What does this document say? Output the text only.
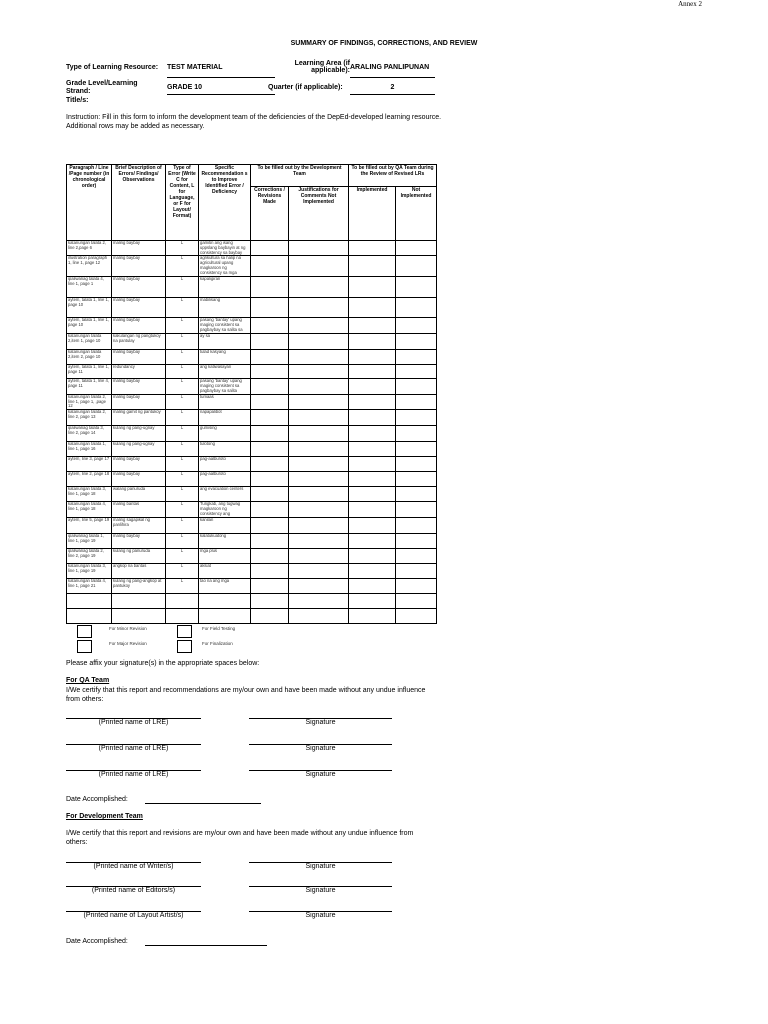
Annex 2
SUMMARY OF FINDINGS, CORRECTIONS, AND REVIEW
Type of Learning Resource: TEST MATERIAL
Learning Area (if
applicable): ARALING PANLIPUNAN
Grade Level/Learning
Strand:
GRADE 10	Quarter (if applicable):	2
Title/s:
Instruction: Fill in this form to inform the development team of the deficiencies of the DepEd-developed learning resource. Additional rows may be added as necessary.
Paragraph / Line /Page number (in chronological order)	Brief Description of Errors/ Findings/ Observations	Type of Error (Write C for Content, L for Language, or F for Layout/ Format)	Specific Recommendation s to Improve Identified Error / Deficiency	To be filled out by the Development Team		To be filled out by QA Team during the Review of Revised LRs	
				Corrections / Revisions Made	Justifications for Comments Not Implemented	Implemented	Not Implemented
katanungan talata 2, line 2,page 6	maling baybay	L	gamitin ang isang uppslang baybayin at ng consistency sa baybay				
illustration paragraph 1, line 1, page 12	maling baybay	L	agrikultura sa halip na agricultural upang magkaroon ng consistency sa mga				
ipaliwanag talata 4, line 1, page 1	maling baybay	L	kapaligiran				
aytem, talata 1, line 1, page 10	maling baybay	L	mabilisang				
aytem, talata 1, line 1, page 10	maling baybay	L	pasang 'bantay' upang maging consistent sa pagbaybay sa salita sa				
katanungan talata 2,item 1, page 10	kakulangan ng pangtukoy na pantulay	L	ay sa				
katanungan talata 2,item 2, page 10	maling baybay	L	tulad kasyang				
aytem, talata 1, line 1, page 11	redundancy	L	ang katiwasayan				
aytem, talata 1, line 4, page 11	maling baybay	L	pasang 'bantay' upang maging consistent sa pagbaybay sa salita				
katanungan talata 2, line 1, page 1, ,page 12	maling baybay	L	tumaas				
katanungan talata 2, line 2, page 13	maling gamit ng pantukoy	L	napapalibot				
ipaliwanag talata 3, line 2, page 14	kulang ng pang-ugnay	L	gumising				
katanungan talata 1, line 1, page 16	kulang ng pang-ugnay	L	tulotong				
aytem, line 3, page 17	maling baybay	L	pag-aalburoto				
aytem, line 2, page 18	maling baybay	L	pag-aalburoto				
katanungan talata 3, line 1, page 18	walang panuruda	L	ang evacuation centers				
katanungan talata 4, line 1, page 18	maling bantas	L	Tungkab, ang tugwag magkaroon ng consistency ang				
aytem, line 5, page 19	maling sagapikal ng panlihira	L	kanilan				
ipaliwanag talata 1, line 1, page 19	maling baybay	L	kalatukuatong				
ipaliwanag talata 2, line 2, page 19	kulang ng panuruda	L	mga plus				
katanungan talata 3, line 1, page 19	angkop na bantas	L	aksiat				
katanungan talata 4, line 1, page 21	kulang ng pang-angkop at pantukoy	L	tao na ang mga				

For Minor Revision	For Field Testing
For Major Revision	For Finalization
Please affix your signature(s) in the appropriate spaces below:
For QA Team
I/We certify that this report and recommendations are my/our own and have been made without any undue influence from others:
(Printed name of LRE)	Signature
(Printed name of LRE)	Signature
(Printed name of LRE)	Signature
Date Accomplished:
For Development Team
I/We certify that this report and revisions are my/our own and have been made without any undue influence from others:
(Printed name of Writer/s)	Signature
(Printed name of Editors/s)	Signature
(Printed name of Layout Artist/s)	Signature
Date Accomplished:
